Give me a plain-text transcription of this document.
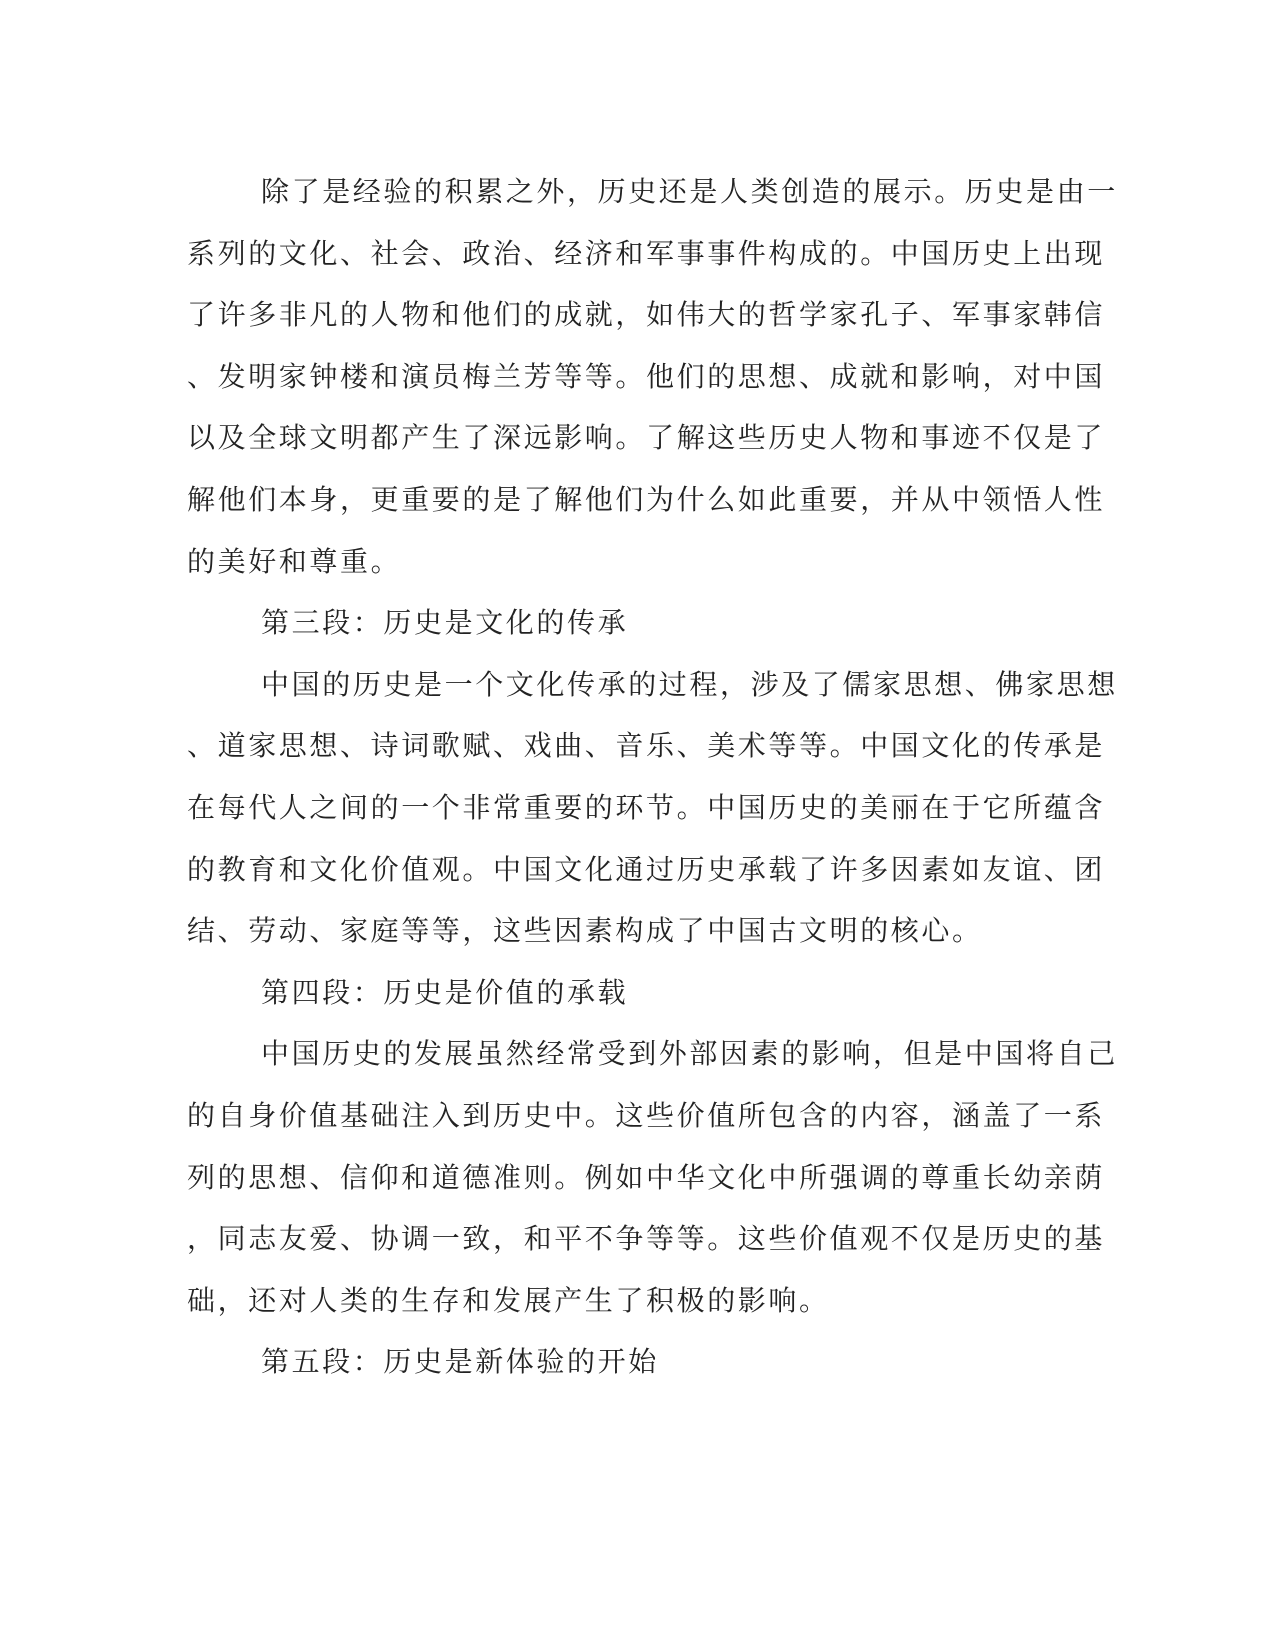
除了是经验的积累之外，历史还是人类创造的展示。历史是由一
系列的文化、社会、政治、经济和军事事件构成的。中国历史上出现
了许多非凡的人物和他们的成就，如伟大的哲学家孔子、军事家韩信
、发明家钟楼和演员梅兰芳等等。他们的思想、成就和影响，对中国
以及全球文明都产生了深远影响。了解这些历史人物和事迹不仅是了
解他们本身，更重要的是了解他们为什么如此重要，并从中领悟人性
的美好和尊重。
第三段：历史是文化的传承
中国的历史是一个文化传承的过程，涉及了儒家思想、佛家思想
、道家思想、诗词歌赋、戏曲、音乐、美术等等。中国文化的传承是
在每代人之间的一个非常重要的环节。中国历史的美丽在于它所蕴含
的教育和文化价值观。中国文化通过历史承载了许多因素如友谊、团
结、劳动、家庭等等，这些因素构成了中国古文明的核心。
第四段：历史是价值的承载
中国历史的发展虽然经常受到外部因素的影响，但是中国将自己
的自身价值基础注入到历史中。这些价值所包含的内容，涵盖了一系
列的思想、信仰和道德准则。例如中华文化中所强调的尊重长幼亲荫
，同志友爱、协调一致，和平不争等等。这些价值观不仅是历史的基
础，还对人类的生存和发展产生了积极的影响。
第五段：历史是新体验的开始
